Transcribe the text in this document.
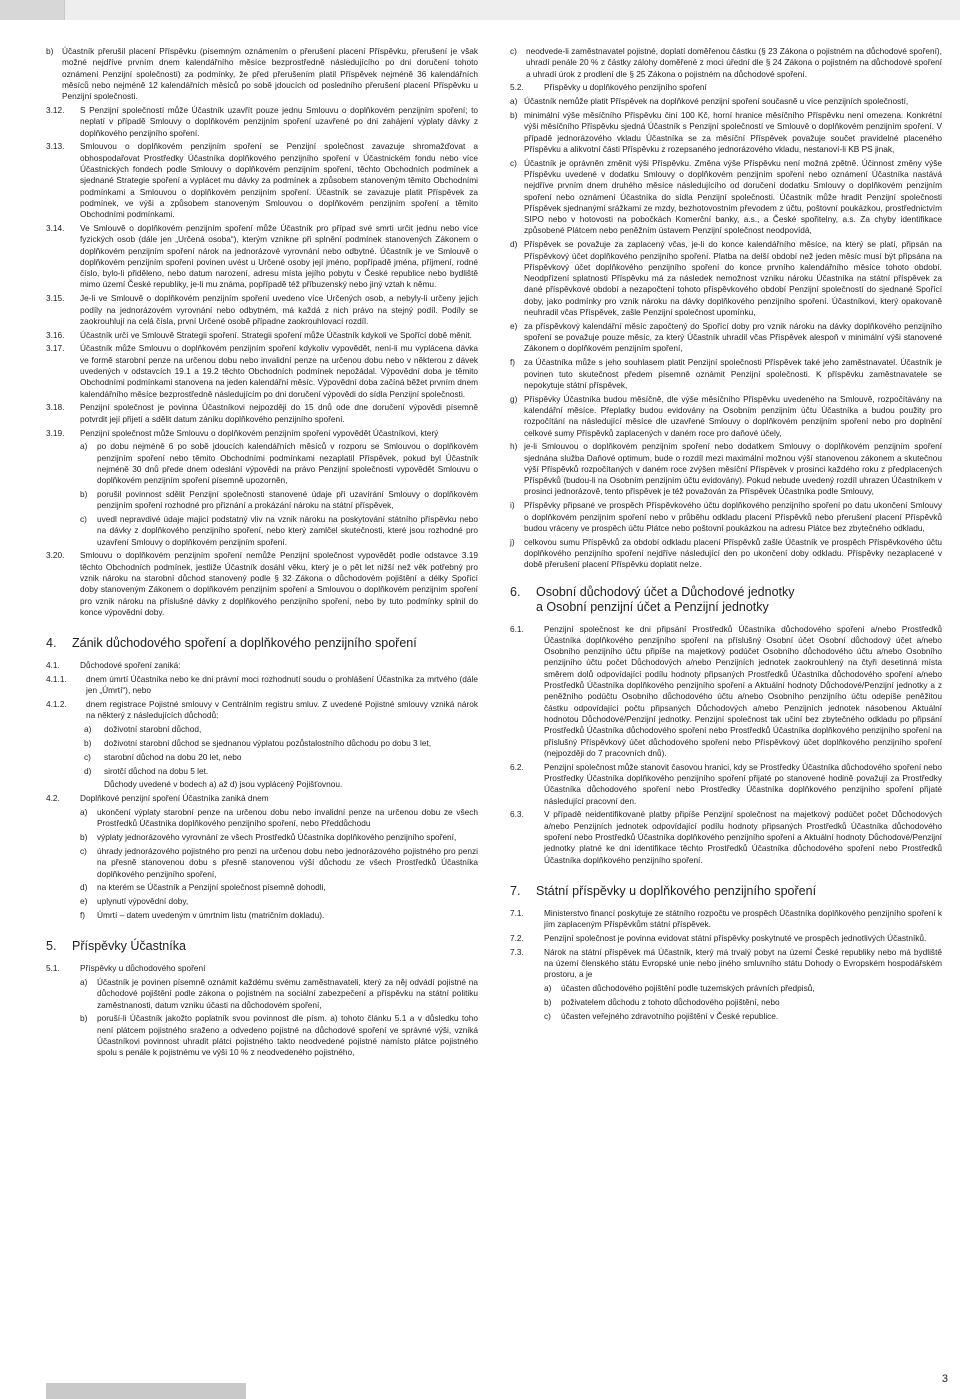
b)	Účastník přerušil placení Příspěvku (písemným oznámením o přerušení placení Příspěvku, přerušení je však možné nejdříve prvním dnem kalendářního měsíce bezprostředně následujícího po dni doručení tohoto oznámení Penzijní společnosti) za podmínky, že před přerušením platil Příspěvek nejméně 36 kalendářních měsíců nebo nejméně 12 kalendářních měsíců po sobě jdoucích od posledního přerušení placení Příspěvku u Penzijní společnosti.
3.12.	S Penzijní společností může Účastník uzavřít pouze jednu Smlouvu o doplňkovém penzijním spoření; to neplatí v případě Smlouvy o doplňkovém penzijním spoření uzavřené po dni zahájení výplaty dávky z doplňkového penzijního spoření.
3.13.	Smlouvou o doplňkovém penzijním spoření se Penzijní společnost zavazuje shromažďovat a obhospodařovat Prostředky Účastníka doplňkového penzijního spoření v Účastnickém fondu nebo více Účastnických fondech podle Smlouvy o doplňkovém penzijním spoření, těchto Obchodních podmínek a sjednané Strategie spoření a vyplácet mu dávky za podmínek a způsobem stanoveným těmito Obchodními podmínkami a Smlouvou o doplňkovém penzijním spoření. Účastník se zavazuje platit Příspěvek za podmínek, ve výši a způsobem stanoveným Smlouvou o doplňkovém penzijním spoření a těmito Obchodními podmínkami.
3.14.	Ve Smlouvě o doplňkovém penzijním spoření může Účastník pro případ své smrti určit jednu nebo více fyzických osob (dále jen „Určená osoba“), kterým vznikne při splnění podmínek stanovených Zákonem o doplňkovém penzijním spoření nárok na jednorázové vyrovnání nebo odbytné. Účastník je ve Smlouvě o doplňkovém penzijním spoření povinen uvést u Určené osoby její jméno, popřípadě jména, příjmení, rodné číslo, bylo-li přiděleno, nebo datum narození, adresu místa jejího pobytu v České republice nebo bydliště mimo území České republiky, je-li mu známa, popřípadě též příbuzenský nebo jiný vztah k němu.
3.15.	Je-li ve Smlouvě o doplňkovém penzijním spoření uvedeno více Určených osob, a nebyly-li určeny jejich podíly na jednorázovém vyrovnání nebo odbytném, má každá z nich právo na stejný podíl. Podíly se zaokrouhlují na celá čísla, první Určené osobě případne zaokrouhlovací rozdíl.
3.16.	Účastník určí ve Smlouvě Strategii spoření. Strategii spoření může Účastník kdykoli ve Spořící době měnit.
3.17.	Účastník může Smlouvu o doplňkovém penzijním spoření kdykoliv vypovědět, není-li mu vyplácena dávka ve formě starobní penze na určenou dobu nebo invalidní penze na určenou dobu nebo v některou z dávek uvedených v odstavcích 19.1 a 19.2 těchto Obchodních podmínek nepožádal. Výpovědní doba je těmito Obchodními podmínkami stanovena na jeden kalendářní měsíc. Výpovědní doba začíná běžet prvním dnem kalendářního měsíce bezprostředně následujícím po dni doručení výpovědi do sídla Penzijní společnosti.
3.18.	Penzijní společnost je povinna Účastníkovi nejpozději do 15 dnů ode dne doručení výpovědi písemně potvrdit její přijetí a sdělit datum zániku doplňkového penzijního spoření.
3.19.	Penzijní společnost může Smlouvu o doplňkovém penzijním spoření vypovědět Účastníkovi, který
a)	po dobu nejméně 6 po sobě jdoucích kalendářních měsíců v rozporu se Smlouvou o doplňkovém penzijním spoření nebo těmito Obchodními podmínkami nezaplatil Příspěvek, pokud byl Účastník nejméně 30 dnů přede dnem odeslání výpovědi na právo Penzijní společnosti vypovědět Smlouvu o doplňkovém penzijním spoření písemně upozorněn,
b)	porušil povinnost sdělit Penzijní společnosti stanovené údaje při uzavírání Smlouvy o doplňkovém penzijním spoření rozhodné pro přiznání a prokázání nároku na státní příspěvek,
c)	uvedl nepravdivé údaje majicí podstatný vliv na vznik nároku na poskytování státního příspěvku nebo na dávky z doplňkového penzijního spoření, nebo který zamlčel skutečnosti, které jsou rozhodné pro uzavření Smlouvy o doplňkovém penzijním spoření.
3.20.	Smlouvu o doplňkovém penzijním spoření nemůže Penzijní společnost vypovědět podle odstavce 3.19 těchto Obchodních podmínek, jestliže Účastník dosáhl věku, který je o pět let nižší než věk potřebný pro vznik nároku na starobní důchod stanovený podle § 32 Zákona o důchodovém pojištění a délky Spořící doby stanoveným Zákonem o doplňkovém penzijním spoření a Smlouvou o doplňkovém penzijním spoření pro vznik nároku na příslušné dávky z doplňkového penzijního spoření, nebo by tuto podmínky splnil do konce výpovědní doby.
4.	Zánik důchodového spoření a doplňkového penzijního spoření
4.1.	Důchodové spoření zaniká:
4.1.1.	dnem úmrtí Účastníka nebo ke dni právní moci rozhodnutí soudu o prohlášení Účastníka za mrtvého (dále jen „Úmrtí“), nebo
4.1.2.	dnem registrace Pojistné smlouvy v Centrálním registru smluv. Z uvedené Pojistné smlouvy vzniká nárok na některý z následujících důchodů:
a)	doživotní starobní důchod,
b)	doživotní starobní důchod se sjednanou výplatou pozůstalostního důchodu po dobu 3 let,
c)	starobní důchod na dobu 20 let, nebo
d)	sirotčí důchod na dobu 5 let.
Důchody uvedené v bodech a) až d) jsou vyplácený Pojišťovnou.
4.2.	Doplňkové penzijní spoření Účastníka zaniká dnem
a)	ukončení výplaty starobní penze na určenou dobu nebo invalidní penze na určenou dobu ze všech Prostředků Účastníka doplňkového penzijního spoření, nebo Předdůchodu
b)	výplaty jednorázového vyrovnání ze všech Prostředků Účastníka doplňkového penzijního spoření,
c)	úhrady jednorázového pojistného pro penzi na určenou dobu nebo jednorázového pojistného pro penzi na přesně stanovenou dobu s přesně stanovenou výší důchodu ze všech Prostředků Účastníka doplňkového penzijního spoření,
d)	na kterém se Účastník a Penzijní společnost písemně dohodli,
e)	uplynutí výpovědní doby,
f)	Úmrtí – datem uvedeným v úmrtním listu (matričním dokladu).
5.	Příspěvky Účastníka
5.1.	Příspěvky u důchodového spoření
a)	Účastník je povinen písemně oznámit každému svému zaměstnavateli, který za něj odvádí pojistné na důchodové pojištění podle zákona o pojistném na sociální zabezpečení a příspěvku na státní politiku zaměstnanosti, datum vzniku účasti na důchodovém spoření,
b)	poruší-li Účastník jakožto poplatník svou povinnost dle písm. a) tohoto článku 5.1 a v důsledku toho není plátcem pojistného sraženo a odvedeno pojistné na důchodové spoření ve správné výši, vzniká Účastníkovi povinnost uhradit plátci pojistného takto neodvedené pojistné namísto plátce pojistného spolu s penále k pojistnému ve výši 10 % z neodvedeného pojistného,
c)	neodvede-li zaměstnavatel pojistné, doplatí doměřenou částku (§ 23 Zákona o pojistném na důchodové spoření), uhradí penále 20 % z částky zálohy doměřené z moci úřední dle § 24 Zákona o pojistném na důchodové spoření a uhradí úrok z prodlení dle § 25 Zákona o pojistném na důchodové spoření.
5.2.	Příspěvky u doplňkového penzijního spoření
a) Účastník nemůže platit Příspěvek na doplňkové penzijní spoření současně u více penzijních společností,
b) minimální výše měsíčního Příspěvku činí 100 Kč, horní hranice měsíčního Příspěvku není omezena. Konkrétní výši měsíčního Příspěvku sjedná Účastník s Penzijní společností ve Smlouvě o doplňkovém penzijním spoření. V případě jednorázového vkladu Účastníka se za měsíční Příspěvek považuje součet pravidelné placeného Příspěvku a alikvotní části Příspěvku z rozepsaného jednorázového vkladu, nestanoví-li KB PS jinak,
c) Účastník je oprávněn změnit výši Příspěvku. Změna výše Příspěvku není možná zpětně. Účinnost změny výše Příspěvku uvedené v dodatku Smlouvy o doplňkovém penzijním spoření nebo oznámení Účastníka nastává nejdříve prvním dnem druhého měsíce následujícího od doručení dodatku Smlouvy o doplňkovém penzijním spoření nebo oznámení Účastníka do sídla Penzijní společnosti. Účastník může hradit Penzijní společnosti Příspěvek sjednanými srážkami ze mzdy, bezhotovostním převodem z účtu, poštovní poukázkou, prostřednictvím SIPO nebo v hotovosti na pobočkách Komerční banky, a.s., a České spořitelny, a.s. Za chyby identifikace způsobené Plátcem nebo peněžním ústavem Penzijní společnost neodpovídá,
d) Příspěvek se považuje za zaplacený včas, je-li do konce kalendářního měsíce, na který se platí, připsán na Příspěvkový účet doplňkového penzijního spoření. Platba na delší období než jeden měsíc musí být připsána na Příspěvkový účet doplňkového penzijního spoření do konce prvního kalendářního měsíce tohoto období. Neodpřízení splatnosti Příspěvku má za následek nemožnost vzniku nároku Účastníka na státní příspěvek za dané příspěvkové období a nezapočtení tohoto příspěvkového období Penzijní společností do sjednané Spořící doby, jako podmínky pro vznik nároku na dávky doplňkového penzijního spoření. Účastníkovi, který opakovaně neuhradil včas Příspěvek, zašle Penzijní společnost upomínku,
e) za příspěvkový kalendářní měsíc započtený do Spořící doby pro vznik nároku na dávky doplňkového penzijního spoření se považuje pouze měsíc, za který Účastník uhradil včas Příspěvek alespoň v minimální výši stanovené Zákonem o doplňkovém penzijním spoření,
f)	za Účastníka může s jeho souhlasem platit Penzijní společnosti Příspěvek také jeho zaměstnavatel. Účastník je povinen tuto skutečnost předem písemně oznámit Penzijní společnosti. K příspěvku zaměstnavatele se nepokytuje státní příspěvek,
g) Příspěvky Účastníka budou měsíčně, dle výše měsíčního Příspěvku uvedeného na Smlouvě, rozpočítávány na kalendářní měsíce. Přeplatky budou evidovány na Osobním penzijním účtu Účastníka a budou použity pro rozpočítání na následující měsíce dle uzavřené Smlouvy o doplňkovém penzijním spoření nebo pro doplnění celkové sumy Příspěvků zaplacených v daném roce pro daňové účely,
h) je-li Smlouvou o doplňkovém penzijním spoření nebo dodatkem Smlouvy o doplňkovém penzijním spoření sjednána služba Daňové optimum, bude o rozdíl mezi maximální možnou výší stanovenou zákonem a skutečnou výší Příspěvků rozpočítaných v daném roce zvýšen měsíční Příspěvek v prosinci každého roku z předplacených Příspěvků (budou-li na Osobním penzijním účtu evidovány). Pokud nebude uvedený rozdíl uhrazen Účastníkem v prosinci jednorázově, tento příspěvek je též považován za Příspěvek Účastníka podle Smlouvy,
i)	Příspěvky připsané ve prospěch Příspěvkového účtu doplňkového penzijního spoření po datu ukončení Smlouvy o doplňkovém penzijním spoření nebo v průběhu odkladu placení Příspěvků nebo přerušení placení Příspěvků budou vráceny ve prospěch účtu Plátce nebo poštovní poukázkou na adresu Plátce bez zbytečného odkladu,
j)	celkovou sumu Příspěvků za období odkladu placení Příspěvků zašle Účastník ve prospěch Příspěvkového účtu doplňkového penzijního spoření nejdříve následující den po ukončení doby odkladu. Příspěvky nezaplacené v době přerušení placení Příspěvku doplatit nelze.
6.	Osobní důchodový účet a Důchodové jednotky
a Osobní penzijní účet a Penzijní jednotky
6.1.	Penzijní společnost ke dni připsání Prostředků Účastníka důchodového spoření a/nebo Prostředků Účastníka doplňkového penzijního spoření na příslušný Osobní účet Osobní důchodový účet a/nebo Osobního penzijního účtu připíše na majetkový podúčet Osobního důchodového účtu a/nebo Osobního penzijního účtu počet Důchodových a/nebo Penzijních jednotek zaokrouhlený na čtyři desetinná místa směrem dolů odpovídající podílu hodnoty připsaných Prostředků Účastníka důchodového spoření a/nebo Prostředků Účastníka doplňkového penzijního spoření a Aktuální hodnoty Důchodové/Penzijní jednotky a z peněžního podúčtu Osobního důchodového účtu a/nebo Osobního penzijního účtu odepíše peněžitou částku odpovídající počtu připsaných Důchodových a/nebo Penzijních jednotek násobenou Aktuální hodnotou Důchodové/Penzijní jednotky. Penzijní společnost tak učiní bez zbytečného odkladu po připsání Prostředků Účastníka důchodového spoření nebo Prostředků Účastníka doplňkového penzijního spoření na příslušný Příspěvkový účet důchodového spoření nebo Příspěvkový účet doplňkového penzijního spoření (nejpozději do 7 pracovních dnů).
6.2.	Penzijní společnost může stanovit časovou hranici, kdy se Prostředky Účastníka důchodového spoření nebo Prostředky Účastníka doplňkového penzijního spoření přijaté po stanovené hodině považují za Prostředky Účastníka důchodového spoření nebo Prostředky Účastníka doplňkového penzijního spoření přijaté následující pracovní den.
6.3.	V případě neidentifikované platby připíše Penzijní společnost na majetkový podúčet počet Důchodových a/nebo Penzijních jednotek odpovídající podílu hodnoty připsaných Prostředků Účastníka důchodového spoření nebo Prostředků Účastníka doplňkového penzijního spoření a Aktuální hodnoty Důchodové/Penzijní jednotky platné ke dni identifikace těchto Prostředků Účastníka důchodového spoření nebo Prostředků Účastníka doplňkového penzijního spoření.
7.	Státní příspěvky u doplňkového penzijního spoření
7.1.	Ministerstvo financí poskytuje ze státního rozpočtu ve prospěch Účastníka doplňkového penzijního spoření k jím zaplaceným Příspěvkům státní příspěvek.
7.2.	Penzijní společnost je povinna evidovat státní příspěvky poskytnuté ve prospěch jednotlivých Účastníků.
7.3.	Nárok na státní příspěvek má Účastník, který má trvalý pobyt na území České republiky nebo má bydliště na území členského státu Evropské unie nebo jiného smluvního státu Dohody o Evropském hospodářském prostoru, a je
a)	účasten důchodového pojištění podle tuzemských právních předpisů,
b)	poživatelem důchodu z tohoto důchodového pojištění, nebo
c)	účasten veřejného zdravotního pojištění v České republice.
3
